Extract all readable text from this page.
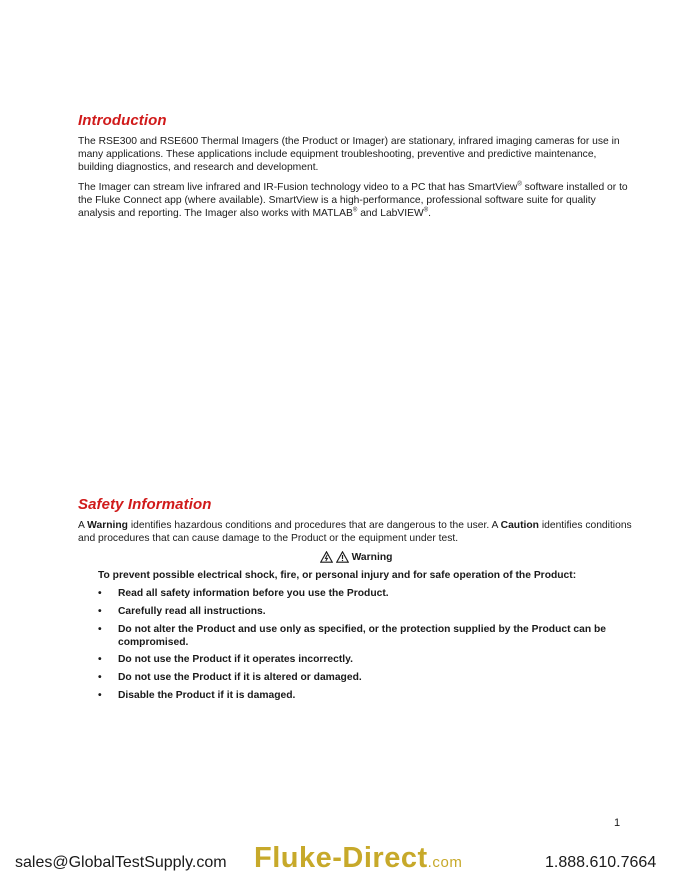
Introduction

The RSE300 and RSE600 Thermal Imagers (the Product or Imager) are stationary, infrared imaging cameras for use in many applications. These applications include equipment troubleshooting, preventive and predictive maintenance, building diagnostics, and research and development.

The Imager can stream live infrared and IR-Fusion technology video to a PC that has SmartView® software installed or to the Fluke Connect app (where available). SmartView is a high-performance, professional software suite for quality analysis and reporting. The Imager also works with MATLAB® and LabVIEW®.

Safety Information

A Warning identifies hazardous conditions and procedures that are dangerous to the user. A Caution identifies conditions and procedures that can cause damage to the Product or the equipment under test.

Warning

To prevent possible electrical shock, fire, or personal injury and for safe operation of the Product:

• Read all safety information before you use the Product.
• Carefully read all instructions.
• Do not alter the Product and use only as specified, or the protection supplied by the Product can be compromised.
• Do not use the Product if it operates incorrectly.
• Do not use the Product if it is altered or damaged.
• Disable the Product if it is damaged.
1
sales@GlobalTestSupply.com Fluke-Direct.com	1.888.610.7664
